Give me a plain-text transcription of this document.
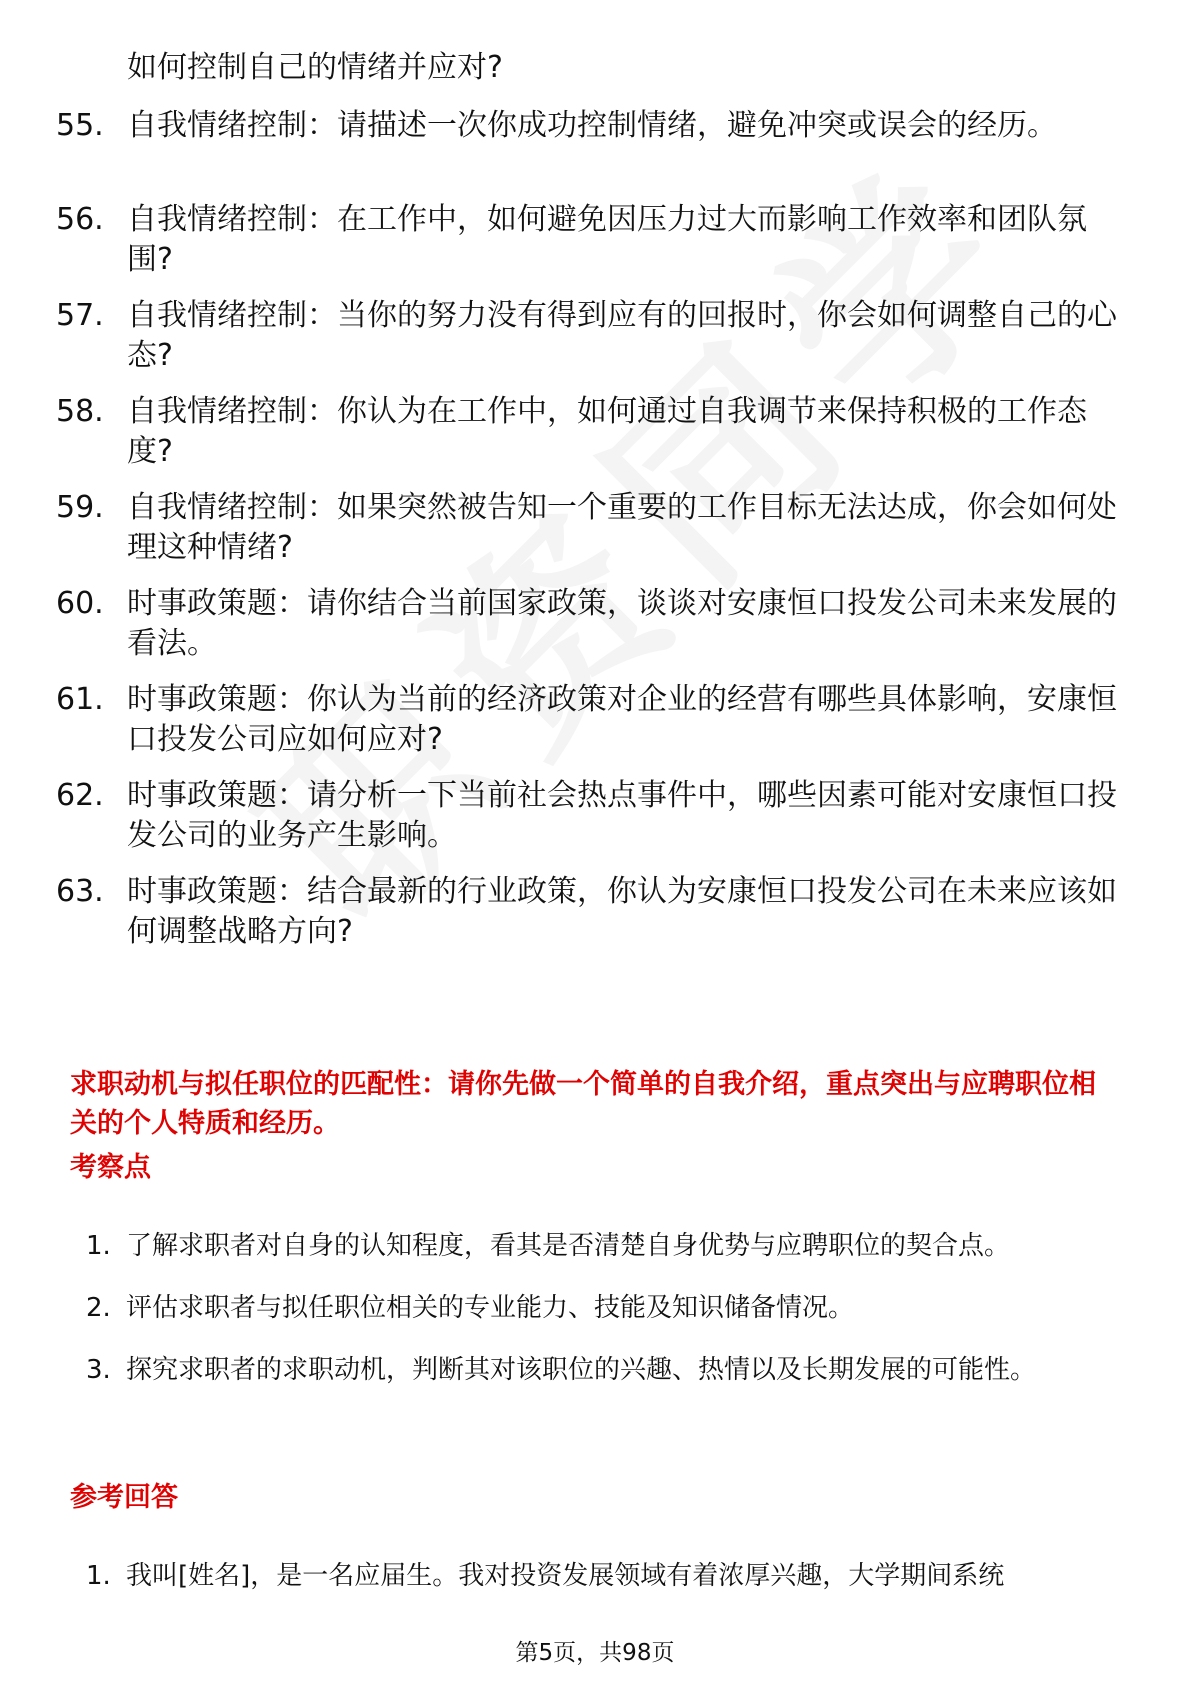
如何控制自己的情绪并应对?
55. 自我情绪控制：请描述一次你成功控制情绪，避免冲突或误会的经历。
56. 自我情绪控制：在工作中，如何避免因压力过大而影响工作效率和团队氛围?
57. 自我情绪控制：当你的努力没有得到应有的回报时，你会如何调整自己的心态?
58. 自我情绪控制：你认为在工作中，如何通过自我调节来保持积极的工作态度?
59. 自我情绪控制：如果突然被告知一个重要的工作目标无法达成，你会如何处理这种情绪?
60. 时事政策题：请你结合当前国家政策，谈谈对安康恒口投发公司未来发展的看法。
61. 时事政策题：你认为当前的经济政策对企业的经营有哪些具体影响，安康恒口投发公司应如何应对?
62. 时事政策题：请分析一下当前社会热点事件中，哪些因素可能对安康恒口投发公司的业务产生影响。
63. 时事政策题：结合最新的行业政策，你认为安康恒口投发公司在未来应该如何调整战略方向?
求职动机与拟任职位的匹配性：请你先做一个简单的自我介绍，重点突出与应聘职位相关的个人特质和经历。
考察点
1. 了解求职者对自身的认知程度，看其是否清楚自身优势与应聘职位的契合点。
2. 评估求职者与拟任职位相关的专业能力、技能及知识储备情况。
3. 探究求职者的求职动机，判断其对该职位的兴趣、热情以及长期发展的可能性。
参考回答
1. 我叫[姓名]，是一名应届生。我对投资发展领域有着浓厚兴趣，大学期间系统
第5页，共98页
